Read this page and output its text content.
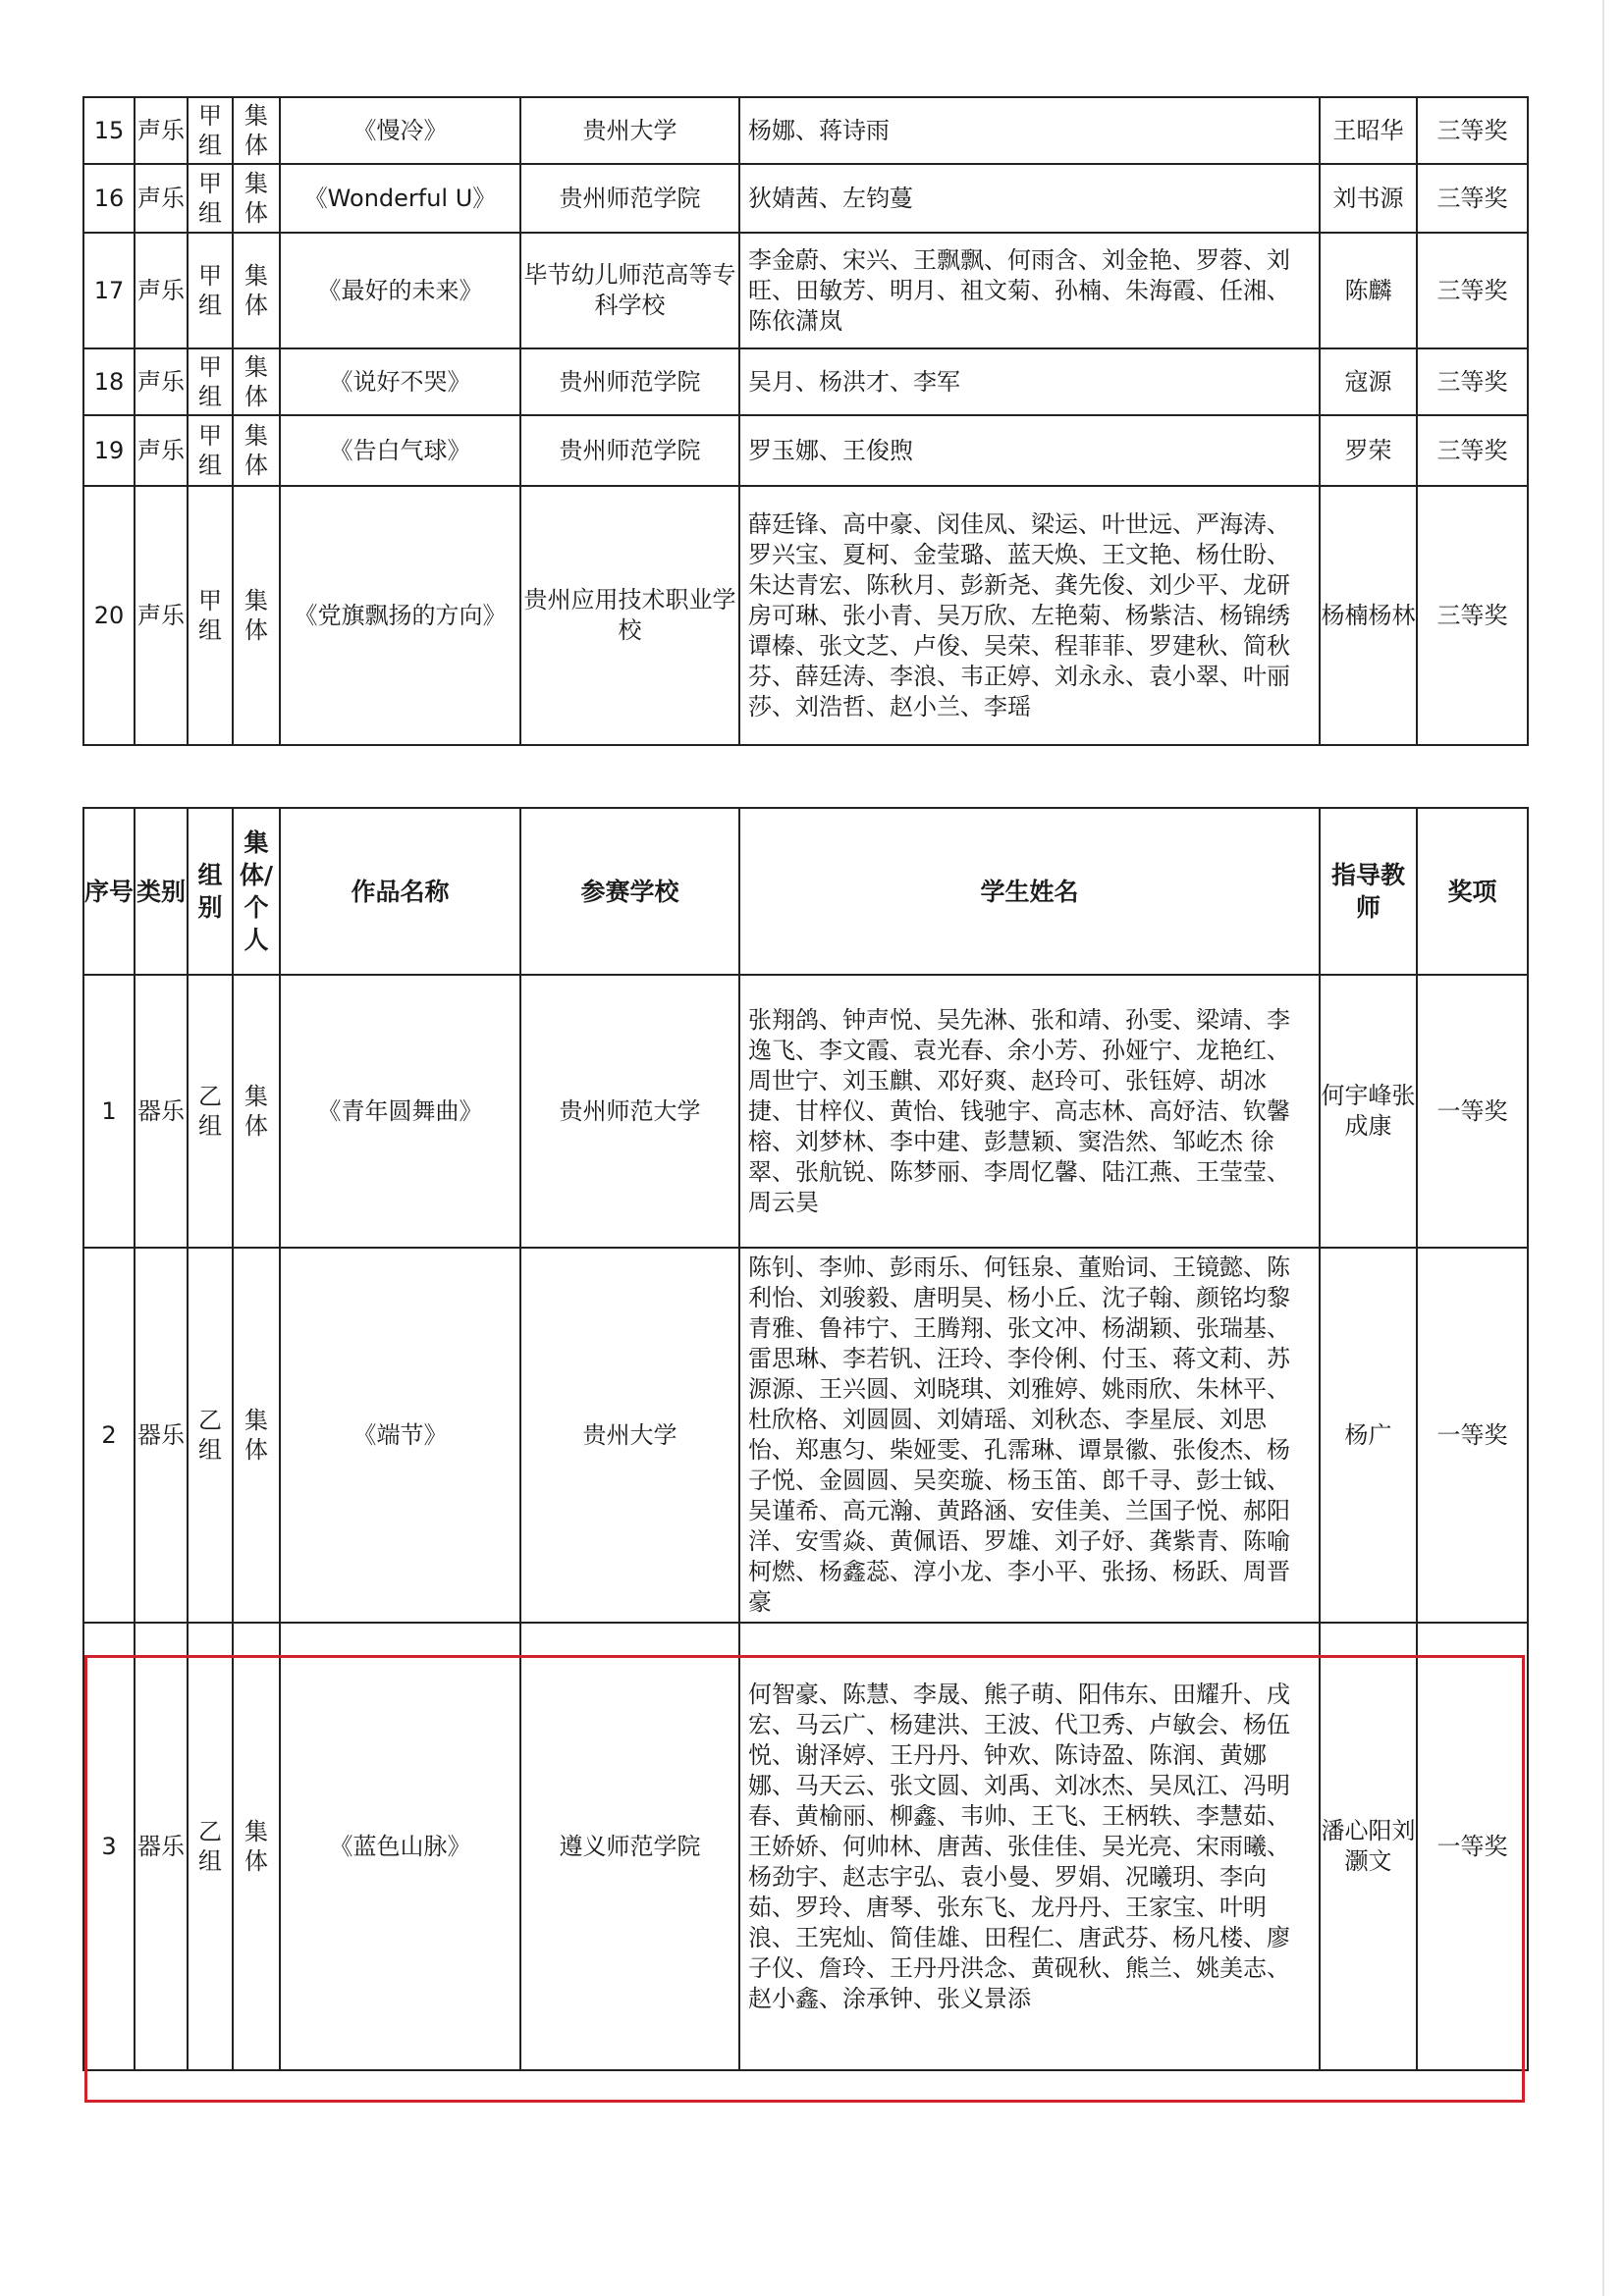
15	声乐	甲组	集体	《慢冷》	贵州大学	杨娜、蒋诗雨	王昭华	三等奖
16	声乐	甲组	集体	《Wonderful U》	贵州师范学院	狄婧茜、左钧蔓	刘书源	三等奖
17	声乐	甲组	集体	《最好的未来》	毕节幼儿师范高等专科学校	李金蔚、宋兴、王飘飘、何雨含、刘金艳、罗蓉、刘旺、田敏芳、明月、祖文菊、孙楠、朱海霞、任湘、陈依潇岚	陈麟	三等奖
18	声乐	甲组	集体	《说好不哭》	贵州师范学院	吴月、杨洪才、李军	寇源	三等奖
19	声乐	甲组	集体	《告白气球》	贵州师范学院	罗玉娜、王俊煦	罗荣	三等奖
20	声乐	甲组	集体	《党旗飘扬的方向》	贵州应用技术职业学校	薛廷锋、高中豪、闵佳凤、梁运、叶世远、严海涛、罗兴宝、夏柯、金莹璐、蓝天焕、王文艳、杨仕盼、朱达青宏、陈秋月、彭新尧、龚先俊、刘少平、龙研房可琳、张小青、吴万欣、左艳菊、杨紫洁、杨锦绣谭榛、张文芝、卢俊、吴荣、程菲菲、罗建秋、简秋芬、薛廷涛、李浪、韦正婷、刘永永、袁小翠、叶丽莎、刘浩哲、赵小兰、李瑶	杨楠杨林	三等奖
序号	类别	组别	集体/个人	作品名称	参赛学校	学生姓名	指导教师	奖项
1	器乐	乙组	集体	《青年圆舞曲》	贵州师范大学	张翔鸽、钟声悦、吴先淋、张和靖、孙雯、梁靖、李逸飞、李文霞、袁光春、余小芳、孙娅宁、龙艳红、周世宁、刘玉麒、邓好爽、赵玲可、张钰婷、胡冰捷、甘梓仪、黄怡、钱驰宇、高志林、高妤洁、钦馨榕、刘梦林、李中建、彭慧颖、窦浩然、邹屹杰 徐翠、张航锐、陈梦丽、李周忆馨、陆江燕、王莹莹、周云昊	何宇峰张成康	一等奖
2	器乐	乙组	集体	《端节》	贵州大学	陈钊、李帅、彭雨乐、何钰泉、董贻词、王镜懿、陈利怡、刘骏毅、唐明昊、杨小丘、沈子翰、颜铭均黎青雅、鲁祎宁、王腾翔、张文冲、杨湖颖、张瑞基、雷思琳、李若钒、汪玲、李伶俐、付玉、蒋文莉、苏源源、王兴圆、刘晓琪、刘雅婷、姚雨欣、朱林平、杜欣格、刘圆圆、刘婧瑶、刘秋态、李星辰、刘思怡、郑惠匀、柴娅雯、孔霈琳、谭景徽、张俊杰、杨子悦、金圆圆、吴奕璇、杨玉笛、郎千寻、彭士钺、吴谨希、高元瀚、黄路涵、安佳美、兰国子悦、郝阳洋、安雪焱、黄佩语、罗雄、刘子妤、龚紫青、陈喻柯燃、杨鑫蕊、淳小龙、李小平、张扬、杨跃、周晋豪	杨广	一等奖
3	器乐	乙组	集体	《蓝色山脉》	遵义师范学院	何智豪、陈慧、李晟、熊子萌、阳伟东、田耀升、戌宏、马云广、杨建洪、王波、代卫秀、卢敏会、杨伍悦、谢泽婷、王丹丹、钟欢、陈诗盈、陈润、黄娜娜、马天云、张文圆、刘禹、刘冰杰、吴凤江、冯明春、黄榆丽、柳鑫、韦帅、王飞、王柄轶、李慧茹、王娇娇、何帅林、唐茜、张佳佳、吴光亮、宋雨曦、杨劲宇、赵志宇弘、袁小曼、罗娟、况曦玥、李向茹、罗玲、唐琴、张东飞、龙丹丹、王家宝、叶明浪、王宪灿、简佳雄、田程仁、唐武芬、杨凡楼、廖子仪、詹玲、王丹丹洪念、黄砚秋、熊兰、姚美志、赵小鑫、涂承钟、张义景添	潘心阳刘灏文	一等奖
